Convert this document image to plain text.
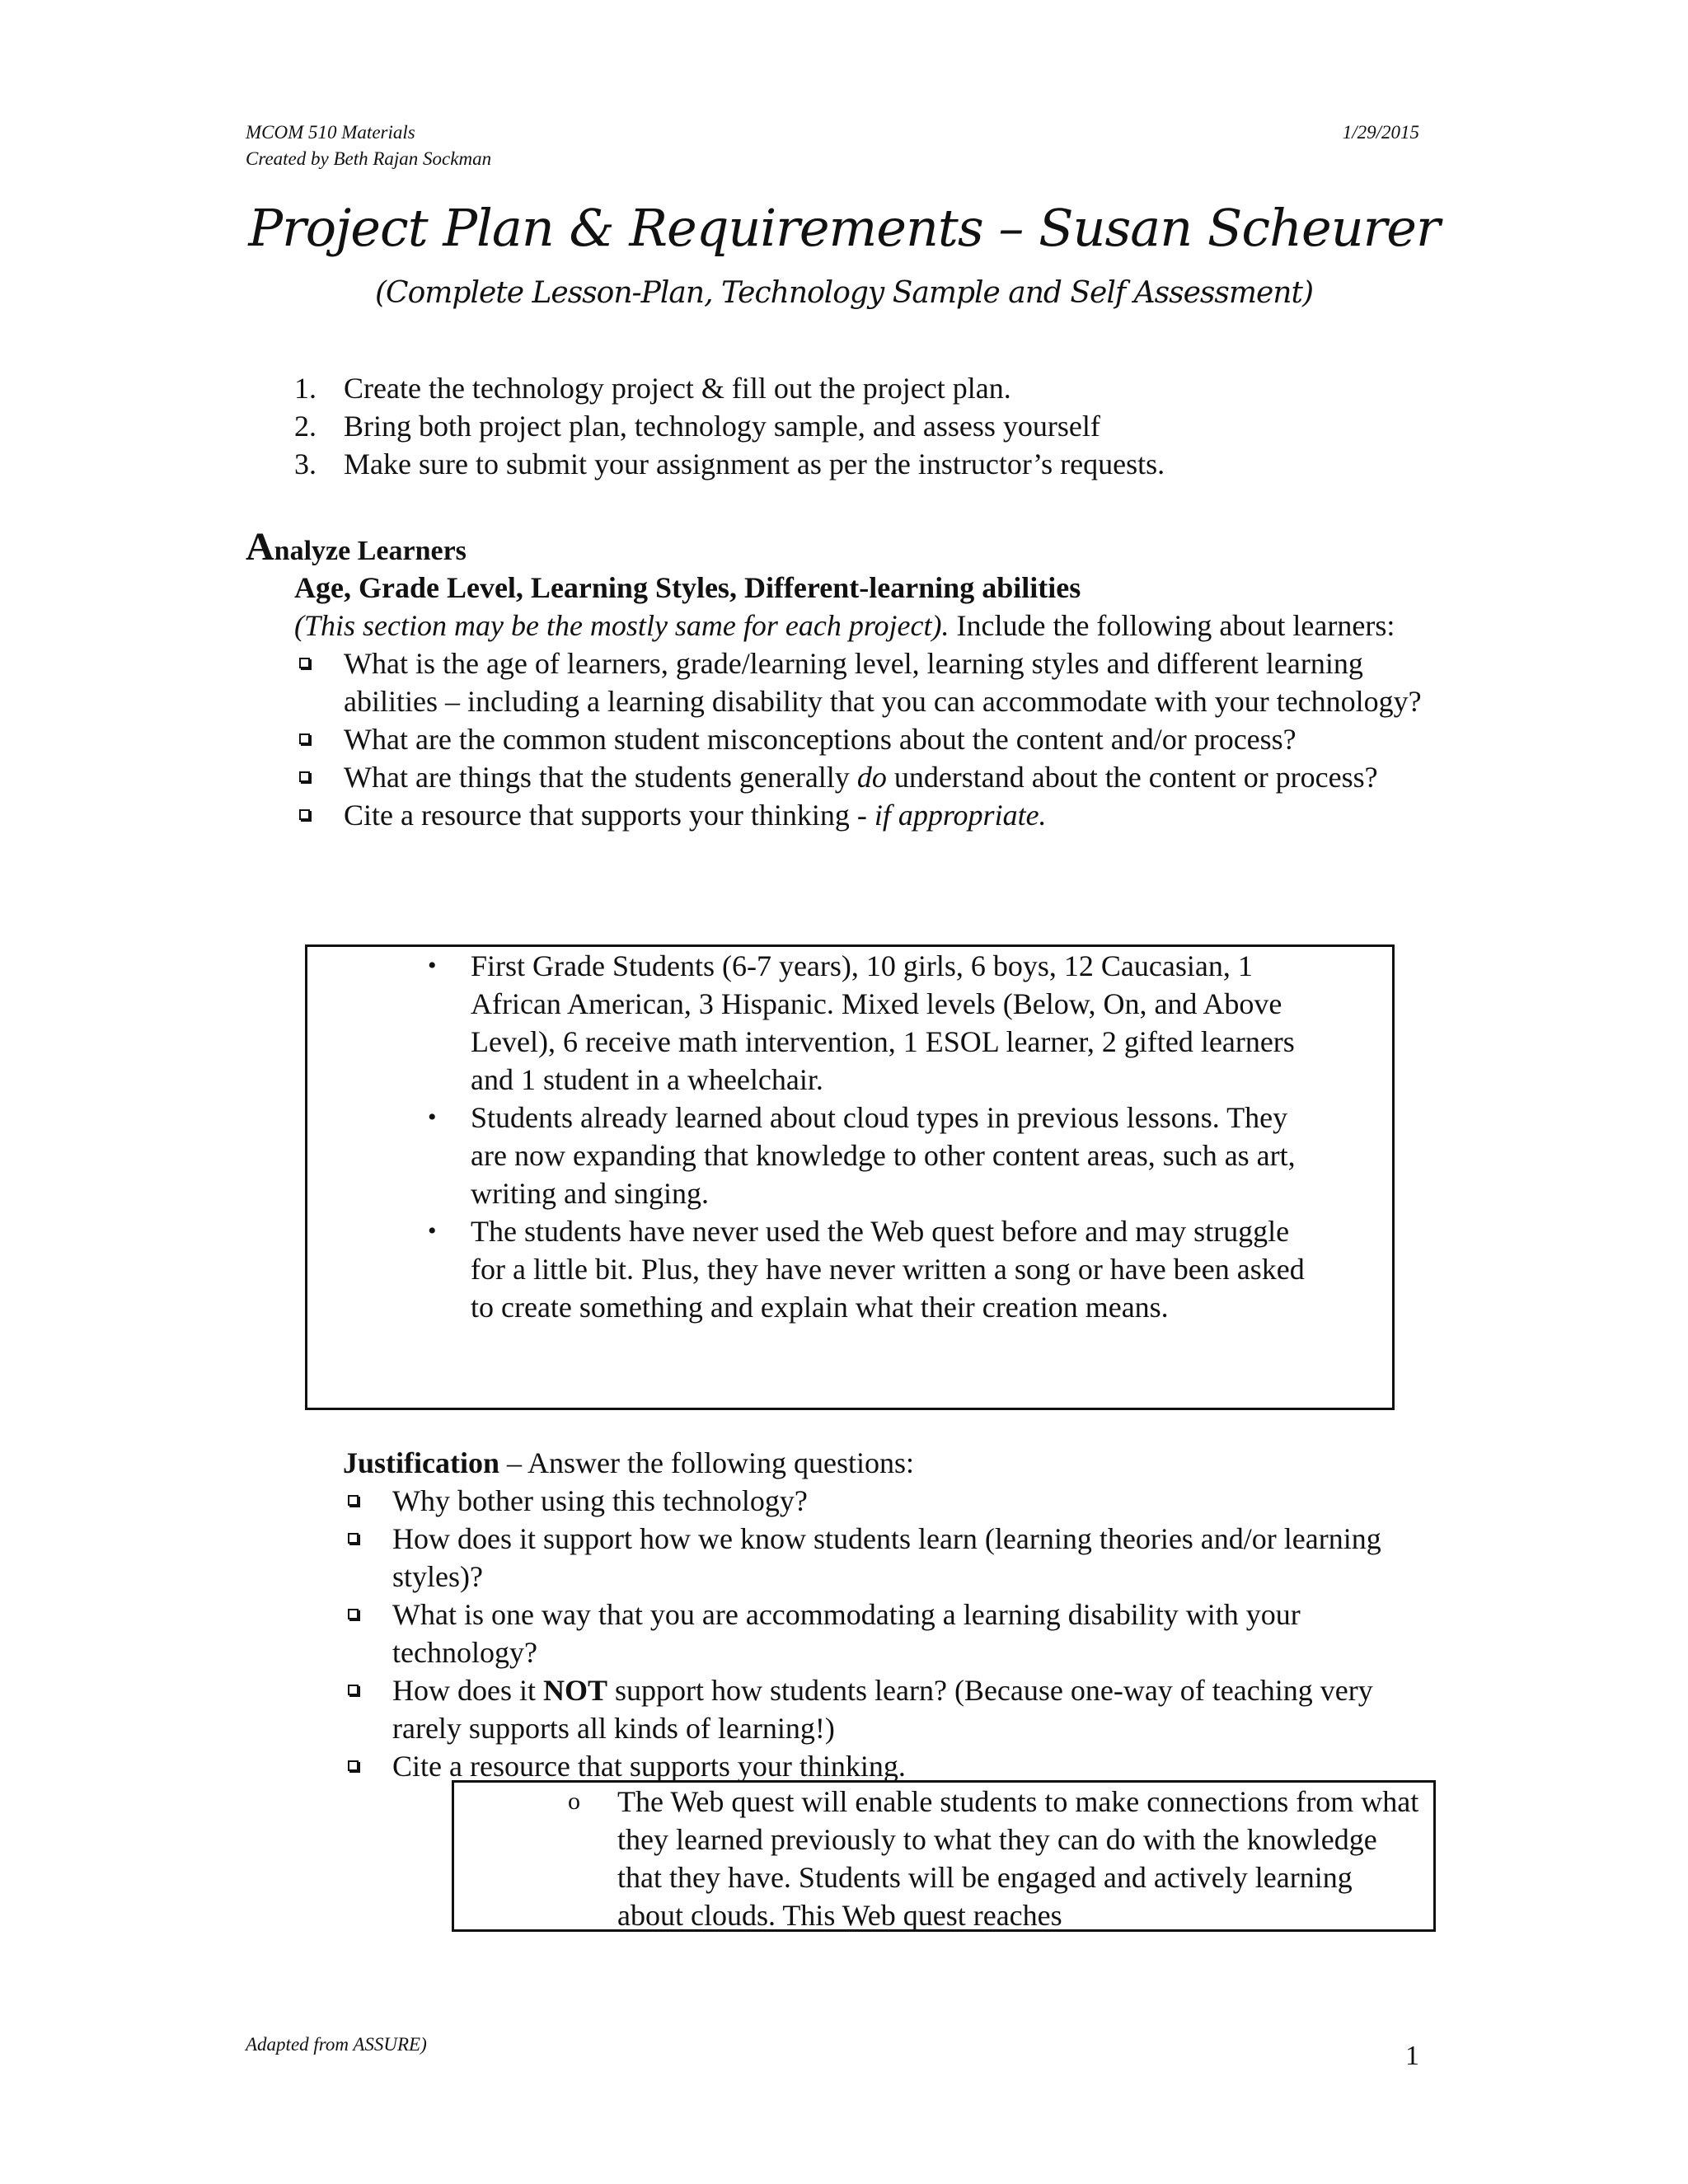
MCOM 510 Materials
Created by Beth Rajan Sockman
1/29/2015
Project Plan & Requirements – Susan Scheurer
(Complete Lesson-Plan, Technology Sample and Self Assessment)
1. Create the technology project & fill out the project plan.
2. Bring both project plan, technology sample, and assess yourself
3. Make sure to submit your assignment as per the instructor’s requests.
Analyze Learners
Age, Grade Level, Learning Styles, Different-learning abilities
(This section may be the mostly same for each project). Include the following about learners:
What is the age of learners, grade/learning level, learning styles and different learning abilities – including a learning disability that you can accommodate with your technology?
What are the common student misconceptions about the content and/or process?
What are things that the students generally do understand about the content or process?
Cite a resource that supports your thinking - if appropriate.
• First Grade Students (6-7 years), 10 girls, 6 boys, 12 Caucasian, 1 African American, 3 Hispanic. Mixed levels (Below, On, and Above Level), 6 receive math intervention, 1 ESOL learner, 2 gifted learners and 1 student in a wheelchair.
• Students already learned about cloud types in previous lessons. They are now expanding that knowledge to other content areas, such as art, writing and singing.
• The students have never used the Web quest before and may struggle for a little bit. Plus, they have never written a song or have been asked to create something and explain what their creation means.
Justification – Answer the following questions:
Why bother using this technology?
How does it support how we know students learn (learning theories and/or learning styles)?
What is one way that you are accommodating a learning disability with your technology?
How does it NOT support how students learn? (Because one-way of teaching very rarely supports all kinds of learning!)
Cite a resource that supports your thinking.
o The Web quest will enable students to make connections from what they learned previously to what they can do with the knowledge that they have. Students will be engaged and actively learning about clouds. This Web quest reaches
Adapted from ASSURE)	1
